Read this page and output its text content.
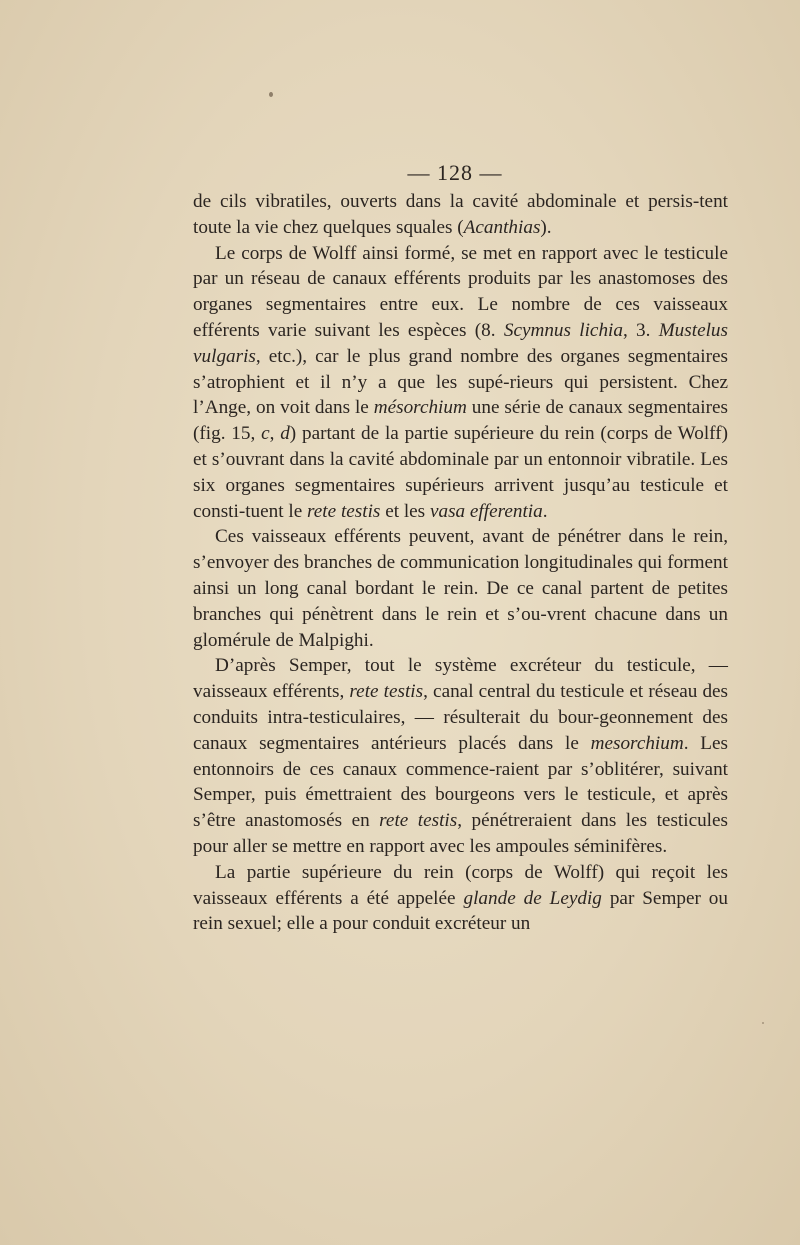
— 128 —

de cils vibratiles, ouverts dans la cavité abdominale et persis-tent toute la vie chez quelques squales (Acanthias).

Le corps de Wolff ainsi formé, se met en rapport avec le testicule par un réseau de canaux efférents produits par les anastomoses des organes segmentaires entre eux. Le nombre de ces vaisseaux efférents varie suivant les espèces (8. Scymnus lichia, 3. Mustelus vulgaris, etc.), car le plus grand nombre des organes segmentaires s’atrophient et il n’y a que les supé-rieurs qui persistent. Chez l’Ange, on voit dans le mésorchium une série de canaux segmentaires (fig. 15, c, d) partant de la partie supérieure du rein (corps de Wolff) et s’ouvrant dans la cavité abdominale par un entonnoir vibratile. Les six organes segmentaires supérieurs arrivent jusqu’au testicule et consti-tuent le rete testis et les vasa efferentia.

Ces vaisseaux efférents peuvent, avant de pénétrer dans le rein, s’envoyer des branches de communication longitudinales qui forment ainsi un long canal bordant le rein. De ce canal partent de petites branches qui pénètrent dans le rein et s’ou-vrent chacune dans un glomérule de Malpighi.

D’après Semper, tout le système excréteur du testicule, — vaisseaux efférents, rete testis, canal central du testicule et réseau des conduits intra-testiculaires, — résulterait du bour-geonnement des canaux segmentaires antérieurs placés dans le mesorchium. Les entonnoirs de ces canaux commence-raient par s’oblitérer, suivant Semper, puis émettraient des bourgeons vers le testicule, et après s’être anastomosés en rete testis, pénétreraient dans les testicules pour aller se mettre en rapport avec les ampoules séminifères.

La partie supérieure du rein (corps de Wolff) qui reçoit les vaisseaux efférents a été appelée glande de Leydig par Semper ou rein sexuel; elle a pour conduit excréteur un
